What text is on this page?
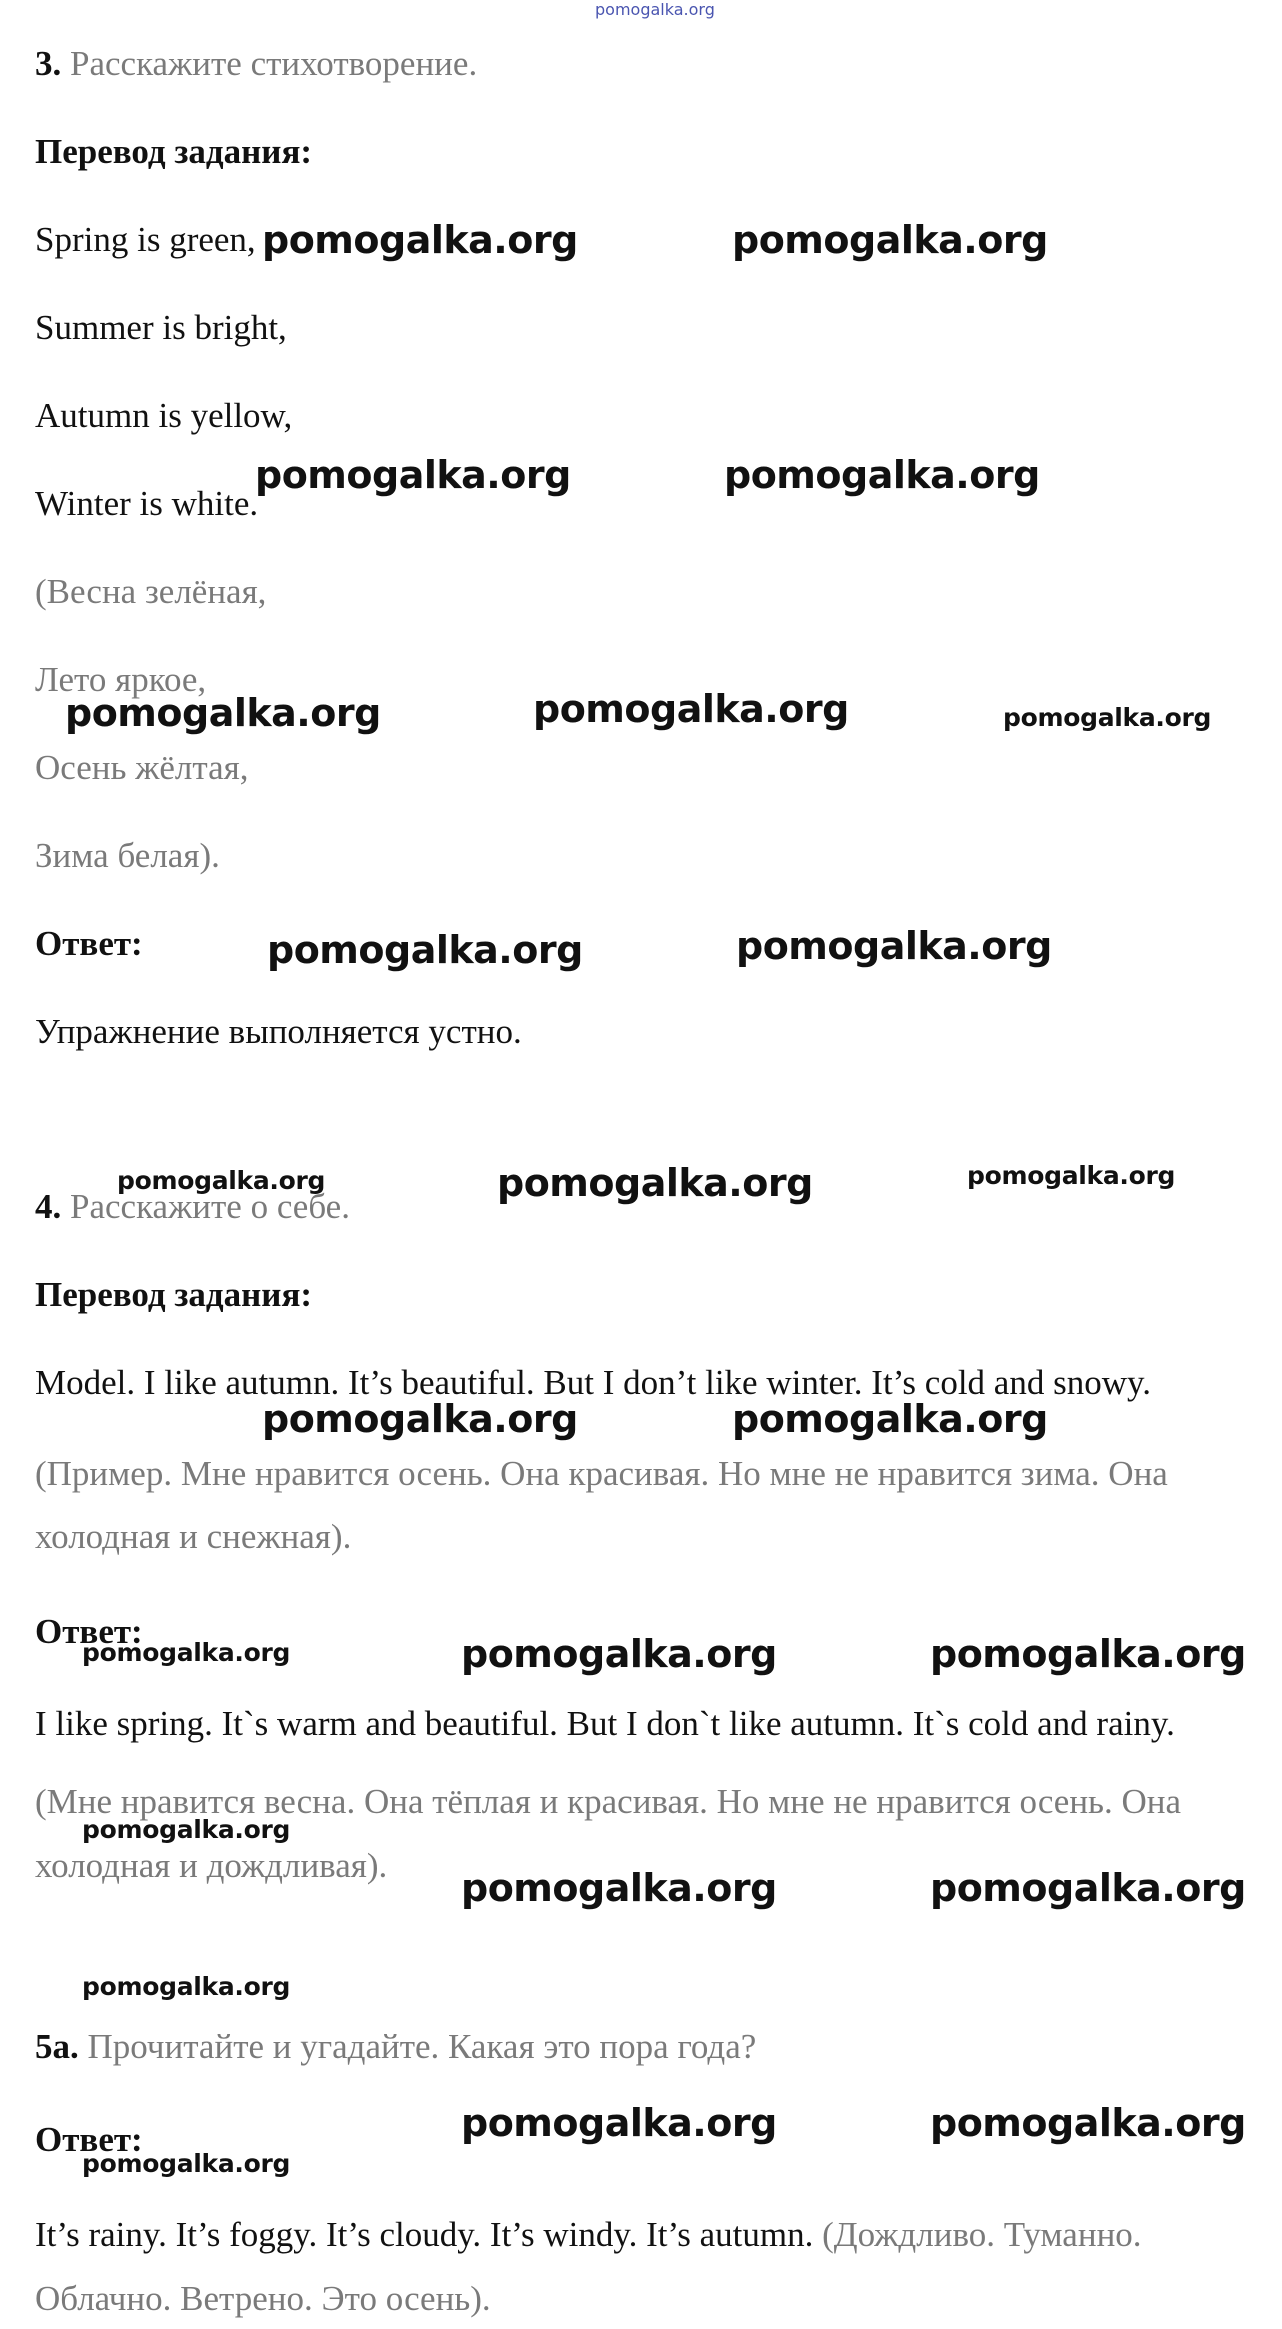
pomogalka.org
3. Расскажите стихотворение.
Перевод задания:
Spring is green,
Summer is bright,
Autumn is yellow,
Winter is white.
(Весна зелёная,
Лето яркое,
Осень жёлтая,
Зима белая).
Ответ:
Упражнение выполняется устно.
4. Расскажите о себе.
Перевод задания:
Model. I like autumn. It’s beautiful. But I don’t like winter. It’s cold and snowy.
(Пример. Мне нравится осень. Она красивая. Но мне не нравится зима. Она
холодная и снежная).
Ответ:
I like spring. It`s warm and beautiful. But I don`t like autumn. It`s cold and rainy.
(Мне нравится весна. Она тёплая и красивая. Но мне не нравится осень. Она
холодная и дождливая).
5a. Прочитайте и угадайте. Какая это пора года?
Ответ:
It’s rainy. It’s foggy. It’s cloudy. It’s windy. It’s autumn. (Дождливо. Туманно.
Облачно. Ветрено. Это осень).
pomogalka.org	pomogalka.org
pomogalka.org	pomogalka.org
pomogalka.org	pomogalka.org
pomogalka.org	pomogalka.org
pomogalka.org
pomogalka.org	pomogalka.org
pomogalka.org	pomogalka.org
pomogalka.org	pomogalka.org
pomogalka.org	pomogalka.org
pomogalka.org
pomogalka.org	pomogalka.org
pomogalka.org
pomogalka.org
pomogalka.org
pomogalka.org
